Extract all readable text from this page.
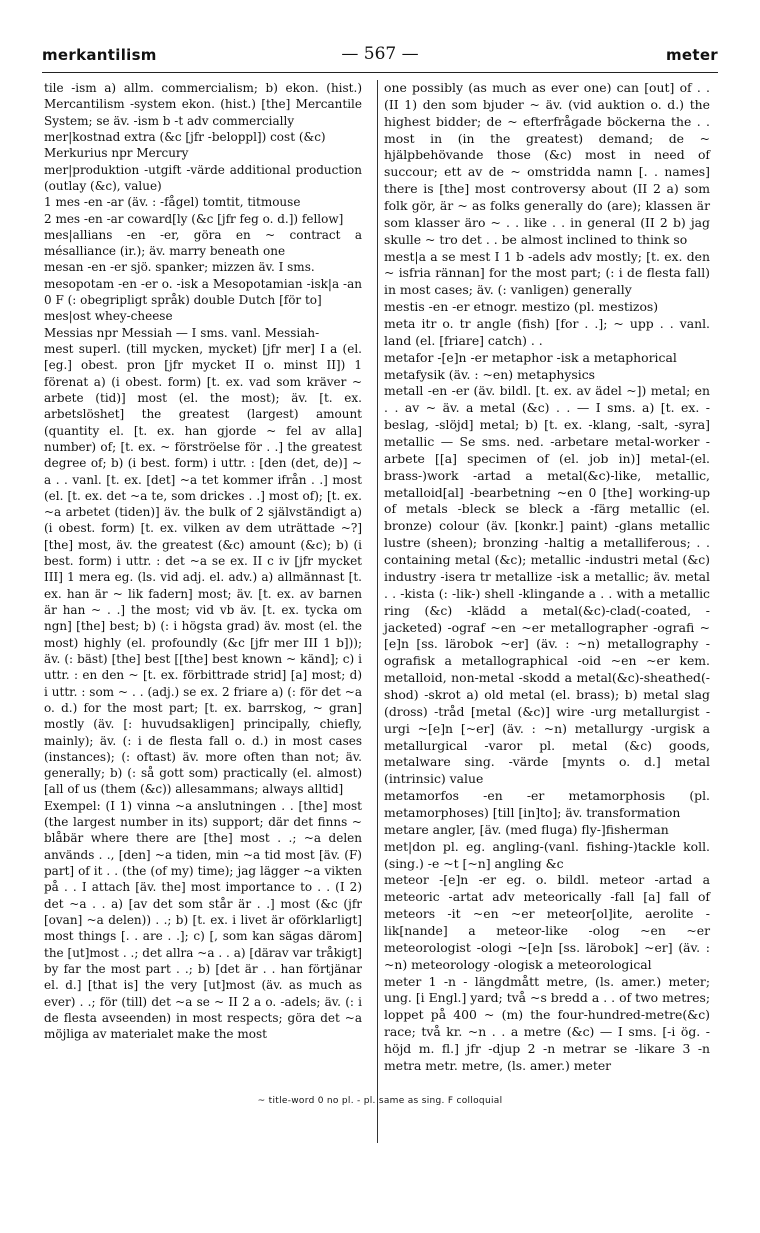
merkantilism	— 567 —	meter

tile -ism a) allm. commercialism; b) ekon. (hist.) Mercantilism -system ekon. (hist.) [the] Mercantile System; se äv. -ism b -t adv commercially

mer|kostnad extra (&c [jfr -beloppl]) cost (&c)

Merkurius npr Mercury

mer|produktion -utgift -värde additional production (outlay (&c), value)

1 mes -en -ar (äv. : -fågel) tomtit, titmouse

2 mes -en -ar coward[ly (&c [jfr feg o. d.]) fellow]

mes|allians -en -er, göra en ~ contract a mésalliance (ir.); äv. marry beneath one

mesan -en -er sjö. spanker; mizzen äv. I sms.

mesopotam -en -er o. -isk a Mesopotamian -isk|a -an 0 F (: obegripligt språk) double Dutch [för to]

mes|ost whey-cheese

Messias npr Messiah — I sms. vanl. Messiah-

mest superl. (till mycken, mycket) [jfr mer] I a (el. [eg.] obest. pron [jfr mycket II o. minst II]) 1 förenat a) (i obest. form) [t. ex. vad som kräver ~ arbete (tid)] most (el. the most); äv. [t. ex. arbetslöshet] the greatest (largest) amount (quantity el. [t. ex. han gjorde ~ fel av alla] number) of; [t. ex. ~ förströelse för . .] the greatest degree of; b) (i best. form) i uttr. : [den (det, de)] ~ a . . vanl. [t. ex. [det] ~a tet kommer ifrån . .] most (el. [t. ex. det ~a te, som drickes . .] most of); [t. ex. ~a arbetet (tiden)] äv. the bulk of 2 självständigt a) (i obest. form) [t. ex. vilken av dem uträttade ~?] [the] most, äv. the greatest (&c) amount (&c); b) (i best. form) i uttr. : det ~a se ex. II c iv [jfr mycket III] 1 mera eg. (ls. vid adj. el. adv.) a) allmännast [t. ex. han är ~ lik fadern] most; äv. [t. ex. av barnen är han ~ . .] the most; vid vb äv. [t. ex. tycka om ngn] [the] best; b) (: i högsta grad) äv. most (el. the most) highly (el. profoundly (&c [jfr mer III 1 b])); äv. (: bäst) [the] best [[the] best known ~ känd]; c) i uttr. : en den ~ [t. ex. förbittrade strid] [a] most; d) i uttr. : som ~ . . (adj.) se ex. 2 friare a) (: för det ~a o. d.) for the most part; [t. ex. barrskog, ~ gran] mostly (äv. [: huvudsakligen] principally, chiefly, mainly); äv. (: i de flesta fall o. d.) in most cases (instances); (: oftast) äv. more often than not; äv. generally; b) (: så gott som) practically (el. almost) [all of us (them (&c)) allesammans; always alltid]

Exempel: (I 1) vinna ~a anslutningen . . [the] most (the largest number in its) support; där det finns ~ blåbär where there are [the] most . .; ~a delen används . ., [den] ~a tiden, min ~a tid most [äv. (F) part] of it . . (the (of my) time); jag lägger ~a vikten på . . I attach [äv. the] most importance to . . (I 2) det ~a . . a) [av det som står är . .] most (&c (jfr [ovan] ~a delen)) . .; b) [t. ex. i livet är oförklarligt] most things [. . are . .]; c) [, som kan sägas därom] the [ut]most . .; det allra ~a . . a) [därav var tråkigt] by far the most part . .; b) [det är . . han förtjänar el. d.] [that is] the very [ut]most (äv. as much as ever) . .; för (till) det ~a se ~ II 2 a o. -adels; äv. (: i de flesta avseenden) in most respects; göra det ~a möjliga av materialet make the most

one possibly (as much as ever one) can [out] of . . (II 1) den som bjuder ~ äv. (vid auktion o. d.) the highest bidder; de ~ efterfrågade böckerna the . . most in (in the greatest) demand; de ~ hjälpbehövande those (&c) most in need of succour; ett av de ~ omstridda namn [. . names] there is [the] most controversy about (II 2 a) som folk gör, är ~ as folks generally do (are); klassen är som klasser äro ~ . . like . . in general (II 2 b) jag skulle ~ tro det . . be almost inclined to think so

mest|a a se mest I 1 b -adels adv mostly; [t. ex. den ~ isfria rännan] for the most part; (: i de flesta fall) in most cases; äv. (: vanligen) generally

mestis -en -er etnogr. mestizo (pl. mestizos)

meta itr o. tr angle (fish) [for . .]; ~ upp . . vanl. land (el. [friare] catch) . .

metafor -[e]n -er metaphor -isk a metaphorical

metafysik (äv. : ~en) metaphysics

metall -en -er (äv. bildl. [t. ex. av ädel ~]) metal; en . . av ~ äv. a metal (&c) . . — I sms. a) [t. ex. -beslag, -slöjd] metal; b) [t. ex. -klang, -salt, -syra] metallic — Se sms. ned. -arbetare metal-worker -arbete [[a] specimen of (el. job in)] metal-(el. brass-)work -artad a metal(&c)-like, metallic, metalloid[al] -bearbetning ~en 0 [the] working-up of metals -bleck se bleck a -färg metallic (el. bronze) colour (äv. [konkr.] paint) -glans metallic lustre (sheen); bronzing -haltig a metalliferous; . . containing metal (&c); metallic -industri metal (&c) industry -isera tr metallize -isk a metallic; äv. metal . . -kista (: -lik-) shell -klingande a . . with a metallic ring (&c) -klädd a metal(&c)-clad(-coated, -jacketed) -ograf ~en ~er metallographer -ografi ~[e]n [ss. lärobok ~er] (äv. : ~n) metallography -ografisk a metallographical -oid ~en ~er kem. metalloid, non-metal -skodd a metal(&c)-sheathed(-shod) -skrot a) old metal (el. brass); b) metal slag (dross) -tråd [metal (&c)] wire -urg metallurgist -urgi ~[e]n [~er] (äv. : ~n) metallurgy -urgisk a metallurgical -varor pl. metal (&c) goods, metalware sing. -värde [mynts o. d.] metal (intrinsic) value

metamorfos -en -er metamorphosis (pl. metamorphoses) [till [in]to]; äv. transformation

metare angler, [äv. (med fluga) fly-]fisherman

met|don pl. eg. angling-(vanl. fishing-)tackle koll. (sing.) -e ~t [~n] angling &c

meteor -[e]n -er eg. o. bildl. meteor -artad a meteoric -artat adv meteorically -fall [a] fall of meteors -it ~en ~er meteor[ol]ite, aerolite -lik[nande] a meteor-like -olog ~en ~er meteorologist -ologi ~[e]n [ss. lärobok] ~er] (äv. : ~n) meteorology -ologisk a meteorological

meter 1 -n - längdmått metre, (ls. amer.) meter; ung. [i Engl.] yard; två ~s bredd a . . of two metres; loppet på 400 ~ (m) the four-hundred-metre(&c) race; två kr. ~n . . a metre (&c) — I sms. [-i ög. -höjd m. fl.] jfr -djup 2 -n metrar se -likare 3 -n metra metr. metre, (ls. amer.) meter

~ title-word 0 no pl. - pl. same as sing. F colloquial
